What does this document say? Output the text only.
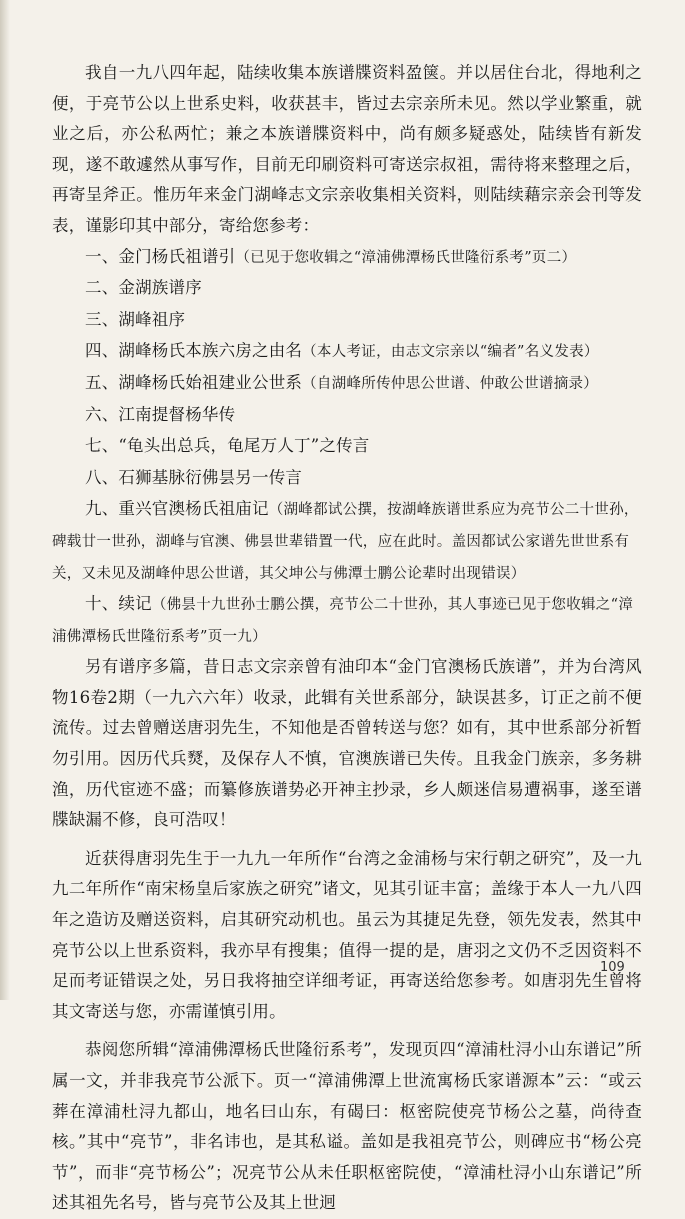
我自一九八四年起，陆续收集本族谱牒资料盈箧。并以居住台北，得地利之便，于亮节公以上世系史料，收获甚丰，皆过去宗亲所未见。然以学业繁重，就业之后，亦公私两忙；兼之本族谱牒资料中，尚有颇多疑惑处，陆续皆有新发现，遂不敢遽然从事写作，目前无印刷资料可寄送宗叔祖，需待将来整理之后，再寄呈斧正。惟历年来金门湖峰志文宗亲收集相关资料，则陆续藉宗亲会刊等发表，谨影印其中部分，寄给您参考：

一、金门杨氏祖谱引（已见于您收辑之“漳浦佛潭杨氏世隆衍系考”页二）

二、金湖族谱序

三、湖峰祖序

四、湖峰杨氏本族六房之由名（本人考证，由志文宗亲以“编者”名义发表）

五、湖峰杨氏始祖建业公世系（自湖峰所传仲思公世谱、仲敢公世谱摘录）

六、江南提督杨华传

七、“龟头出总兵，龟尾万人丁”之传言

八、石狮基脉衍佛昙另一传言

九、重兴官澳杨氏祖庙记（湖峰都试公撰，按湖峰族谱世系应为亮节公二十世孙，碑载廿一世孙，湖峰与官澳、佛昙世辈错置一代，应在此时。盖因都试公家谱先世世系有关，又未见及湖峰仲思公世谱，其父坤公与佛潭士鹏公论辈时出现错误）

十、续记（佛昙十九世孙士鹏公撰，亮节公二十世孙，其人事迹已见于您收辑之“漳浦佛潭杨氏世隆衍系考”页一九）

另有谱序多篇，昔日志文宗亲曾有油印本“金门官澳杨氏族谱”，并为台湾风物16卷2期（一九六六年）收录，此辑有关世系部分，缺误甚多，订正之前不便流传。过去曾赠送唐羽先生，不知他是否曾转送与您？如有，其中世系部分祈暂勿引用。因历代兵燹，及保存人不慎，官澳族谱已失传。且我金门族亲，多务耕渔，历代宦迹不盛；而纂修族谱势必开神主抄录，乡人颇迷信易遭祸事，遂至谱牒缺漏不修，良可浩叹！

近获得唐羽先生于一九九一年所作“台湾之金浦杨与宋行朝之研究”，及一九九二年所作“南宋杨皇后家族之研究”诸文，见其引证丰富；盖缘于本人一九八四年之造访及赠送资料，启其研究动机也。虽云为其捷足先登，领先发表，然其中亮节公以上世系资料，我亦早有搜集；值得一提的是，唐羽之文仍不乏因资料不足而考证错误之处，另日我将抽空详细考证，再寄送给您参考。如唐羽先生曾将其文寄送与您，亦需谨慎引用。

恭阅您所辑“漳浦佛潭杨氏世隆衍系考”，发现页四“漳浦杜浔小山东谱记”所属一文，并非我亮节公派下。页一“漳浦佛潭上世流寓杨氏家谱源本”云：“或云葬在漳浦杜浔九都山，地名曰山东，有碣曰：枢密院使亮节杨公之墓，尚待查核。”其中“亮节”，非名讳也，是其私谥。盖如是我祖亮节公，则碑应书“杨公亮节”，而非“亮节杨公”；况亮节公从未任职枢密院使，“漳浦杜浔小山东谱记”所述其祖先名号，皆与亮节公及其上世迥

109
